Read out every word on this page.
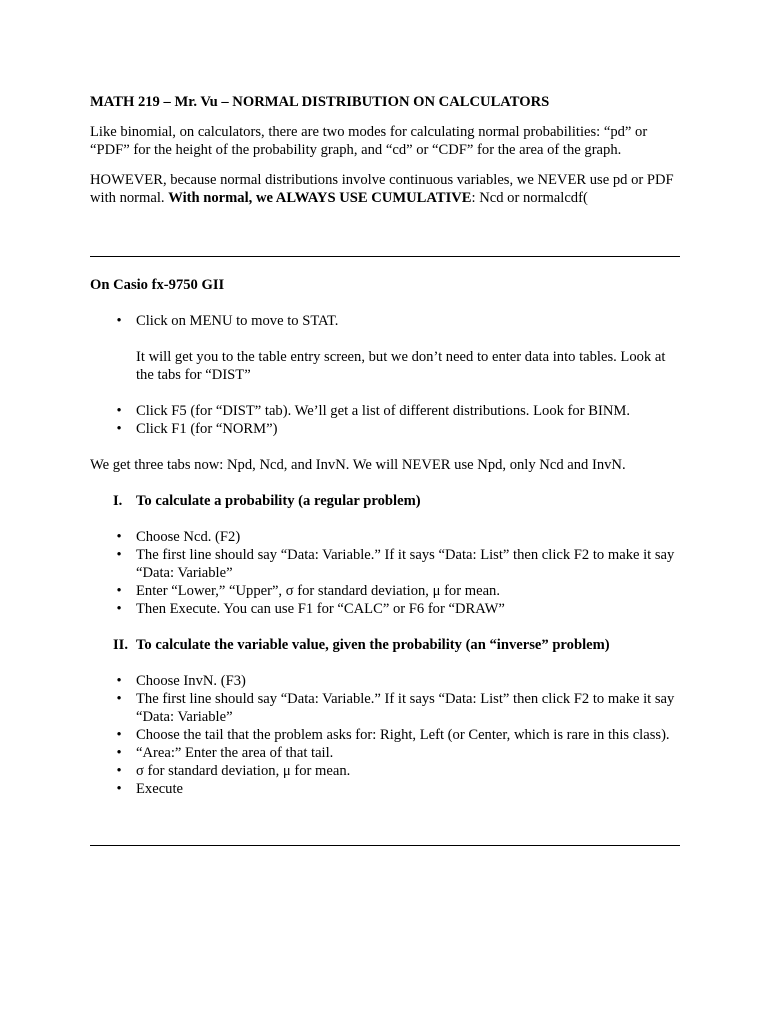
MATH 219 – Mr. Vu – NORMAL DISTRIBUTION ON CALCULATORS

Like binomial, on calculators, there are two modes for calculating normal probabilities: “pd” or “PDF” for the height of the probability graph, and “cd” or “CDF” for the area of the graph.

HOWEVER, because normal distributions involve continuous variables, we NEVER use pd or PDF with normal. With normal, we ALWAYS USE CUMULATIVE: Ncd or normalcdf(

On Casio fx-9750 GII

• Click on MENU to move to STAT.

It will get you to the table entry screen, but we don’t need to enter data into tables. Look at the tabs for “DIST”

• Click F5 (for “DIST” tab). We’ll get a list of different distributions. Look for BINM.
• Click F1 (for “NORM”)

We get three tabs now: Npd, Ncd, and InvN. We will NEVER use Npd, only Ncd and InvN.

I. To calculate a probability (a regular problem)

• Choose Ncd. (F2)
• The first line should say “Data: Variable.” If it says “Data: List” then click F2 to make it say “Data: Variable”
• Enter “Lower,” “Upper”, σ for standard deviation, μ for mean.
• Then Execute. You can use F1 for “CALC” or F6 for “DRAW”

II. To calculate the variable value, given the probability (an “inverse” problem)

• Choose InvN. (F3)
• The first line should say “Data: Variable.” If it says “Data: List” then click F2 to make it say “Data: Variable”
• Choose the tail that the problem asks for: Right, Left (or Center, which is rare in this class).
• “Area:” Enter the area of that tail.
• σ for standard deviation, μ for mean.
• Execute
